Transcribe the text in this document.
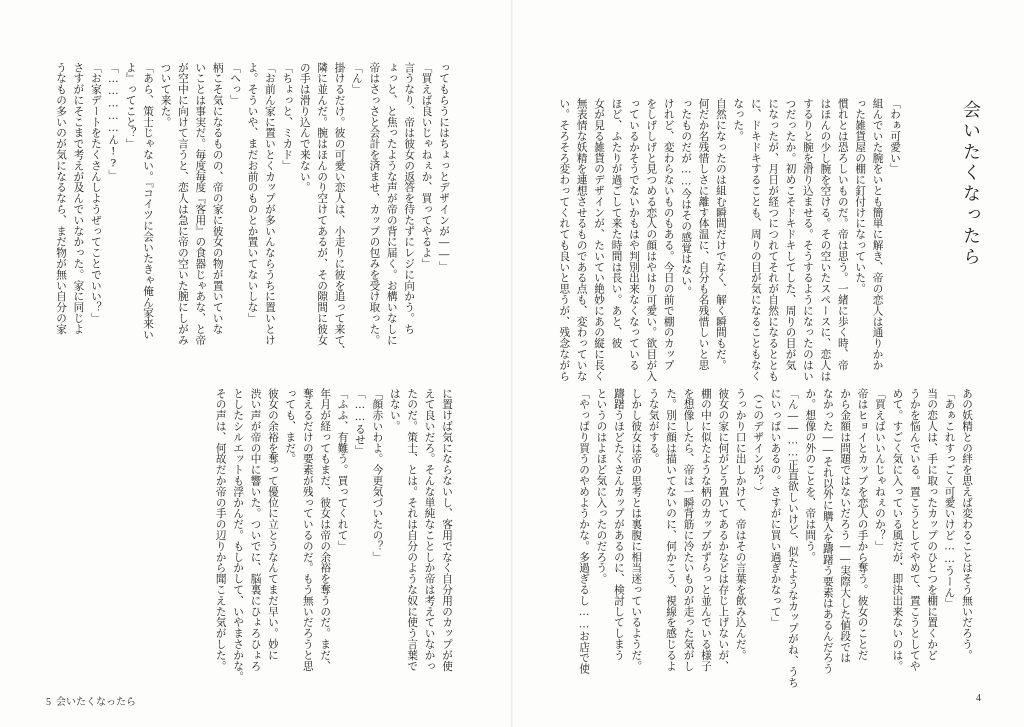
会いたくなったら

「わぁ可愛い」

組んでいた腕をいとも簡単に解き、帝の恋人は通りかか

った雑貨屋の棚に釘付けになっていた。

慣れとは恐ろしいものだ。帝は思う。一緒に歩く時、帝

はほんの少し腕を空ける。その空いたスペースに、恋人は

するりと腕を滑り込ませる。そうするようになったのはい

つだったか。初めこそドキドキしてした、周りの目が気

になったが、月日が経つにつれてそれが自然になるととも

に、ドキドキすることも、周りの目が気になることもなく

なった。

自然になったのは組む瞬間だけでなく、解く瞬間もだ。

何だか名残惜しさに離す体温に、自分も名残惜しいと思

ったものだが……今はその感覚はない。

けれど、変わらないものもある。今日の前で棚のカップ

をしげしげと見つめる恋人の顔はやはり可愛い。欲目が入

っているかそうでないかもはや判別出来なくなっている

ほど、ふたりが過ごして来た時間は長い。あと、彼

女が見る雑貨のデザインが、たいてい絶妙にあの縦に長く

無表情な妖精を連想させるものである点も、変わっていな

い。そろそろ変わってくれても良いと思うが、残念ながら

あの妖精との絆を思えば変わることはそう無いだろう。

「あぁこれすっごく可愛いけど……うーん」

当の恋人は、手に取ったカップのひとつを棚に置くかど

うかを悩んでいる。置こうとしてやめて、置こうとしてや

めて。すごく気に入っている風だが、即決出来ないのは。

「買えばいいんじゃねぇのか？」

帝はヒョイとカップを恋人の手から奪う。彼女のことだ

から金額は問題ではないだろう――実際大した値段では

なかった――それ以外に購入を躊躇う要素はあるんだろう

か。想像の外のことを、帝は問う。

「ん――……正直欲しいけど、似たようなカップがね、うち

にいっぱいあるの。さすがに買い過ぎかなって」

（このデザインが？）

うっかり口に出しかけて、帝はその言葉を飲み込んだ。

彼女の家に何がどう置いてあるかなどは存じ上げないが、

棚の中に似たような柄のカップがずらっと並んでいる様子

を想像したら、帝は一瞬背筋に冷たいものが走った気がし

た。別に顔は描いてないのに、何かこう、視線を感じるよ

うな気がする。

しかし彼女は帝の思考とは裏腹に相当迷っているようだ。

躊躇うほどたくさんカップがあるのに、検討してしまう

というのはよほど気に入ったのだろう。

「やっぱり買うのやめようかな。多過ぎるし……お店で使

ってもらうにはちょっとデザインが――」

「買えば良いじゃねぇか、買ってやるよ」

言うなり、帝は彼女の返答を待たずにレジに向かう。ち

ょっと、と焦ったような声が帝の背に届く。お構いなしに

帝はさっさと会計を済ませ、カップの包みを受け取った。

「ん」

掛けるだけ。彼の可愛い恋人は、小走りに彼を追って来て、

隣に並んだ。腕はほんのり空けてあるが、その隙間に彼女

の手は滑り込んで来ない。

「ちょっと、ミカド」

「お前ん家に置いとくカップが多いんならうちに置いとけ

よ。そういや、まだお前のものとか置いてないしな」

「へっ」

柄こそ気になるものの、帝の家に彼女の物が置いていな

いことは事実だ。毎度毎度『客用』の食器じゃあな、と帝

が空中に向けて言うと、恋人は急に帝の空いた腕にしがみ

ついて来た。

「あら、策士じゃない。『コイツに会いたきゃ俺ん家来い

よ』ってこと？」

「……………ん!?」

「お家デートをたくさんしようぜってことでいい？」

さすがにそこまで考えが及んでいなかった。家に同じよ

うなもの多いのが気になるなら、まだ物が無い自分の家

に置けば気にならないし、客用でなく自分用のカップが使

えて良いだろ。そんな単純なことしか帝は考えていなかっ

たのだ。策士、とは。それは自分のような奴に使う言葉で

はない。

「顔赤いわよ。今更気づいたの？」

「……るせ」

「ふふ、有難う。買ってくれて」

年月が経ってもまだ、彼女は帝の余裕を奪うのだ。まだ、

奪えるだけの要素が残っているのだ。もう無いだろうと思

っても、まだ。

彼女の余裕を奪って優位に立とうなんてまだ早い。妙に

渋い声が帝の中に響いた。ついでに、脳裏にひょろひょろ

としたシルエットも浮かんだ。もしかして、いやまさかな。

その声は、何故だか帝の手の辺りから聞こえた気がした。

5 会いたくなったら	4
